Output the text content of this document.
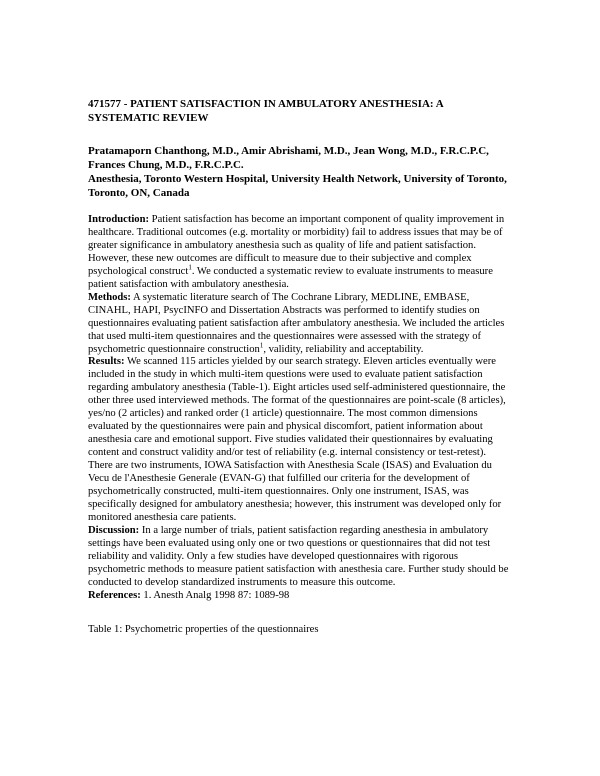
471577 - PATIENT SATISFACTION IN AMBULATORY ANESTHESIA: A SYSTEMATIC REVIEW
Pratamaporn Chanthong, M.D., Amir Abrishami, M.D., Jean Wong, M.D., F.R.C.P.C, Frances Chung, M.D., F.R.C.P.C.
Anesthesia, Toronto Western Hospital, University Health Network, University of Toronto, Toronto, ON, Canada

Introduction: Patient satisfaction has become an important component of quality improvement in healthcare. Traditional outcomes (e.g. mortality or morbidity) fail to address issues that may be of greater significance in ambulatory anesthesia such as quality of life and patient satisfaction. However, these new outcomes are difficult to measure due to their subjective and complex psychological construct$^1$. We conducted a systematic review to evaluate instruments to measure patient satisfaction with ambulatory anesthesia.

Methods: A systematic literature search of The Cochrane Library, MEDLINE, EMBASE, CINAHL, HAPI, PsycINFO and Dissertation Abstracts was performed to identify studies on questionnaires evaluating patient satisfaction after ambulatory anesthesia. We included the articles that used multi-item questionnaires and the questionnaires were assessed with the strategy of psychometric questionnaire construction$^1$, validity, reliability and acceptability.

Results: We scanned 115 articles yielded by our search strategy. Eleven articles eventually were included in the study in which multi-item questions were used to evaluate patient satisfaction regarding ambulatory anesthesia (Table-1). Eight articles used self-administered questionnaire, the other three used interviewed methods. The format of the questionnaires are point-scale (8 articles), yes/no (2 articles) and ranked order (1 article) questionnaire. The most common dimensions evaluated by the questionnaires were pain and physical discomfort, patient information about anesthesia care and emotional support. Five studies validated their questionnaires by evaluating content and construct validity and/or test of reliability (e.g. internal consistency or test-retest). There are two instruments, IOWA Satisfaction with Anesthesia Scale (ISAS) and Evaluation du Vecu de l'Anesthesie Generale (EVAN-G) that fulfilled our criteria for the development of psychometrically constructed, multi-item questionnaires. Only one instrument, ISAS, was specifically designed for ambulatory anesthesia; however, this instrument was developed only for monitored anesthesia care patients.

Discussion: In a large number of trials, patient satisfaction regarding anesthesia in ambulatory settings have been evaluated using only one or two questions or questionnaires that did not test reliability and validity. Only a few studies have developed questionnaires with rigorous psychometric methods to measure patient satisfaction with anesthesia care. Further study should be conducted to develop standardized instruments to measure this outcome.

References: 1. Anesth Analg 1998 87: 1089-98

Table 1: Psychometric properties of the questionnaires
